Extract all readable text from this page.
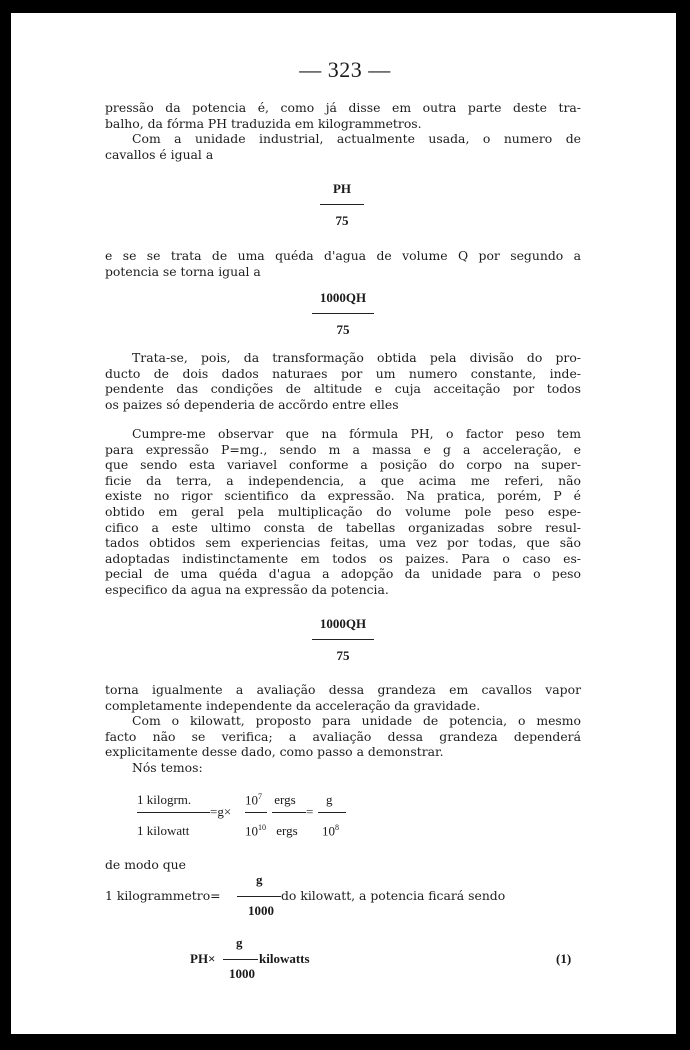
— 323 —
pressão da potencia é, como já disse em outra parte deste tra-
balho, da fórma PH traduzida em kilogrammetros.
Com a unidade industrial, actualmente usada, o numero de
cavallos é igual a
PH
75
e se se trata de uma quéda d'agua de volume Q por segundo a
potencia se torna igual a
1000QH
75
Trata-se, pois, da transformação obtida pela divisão do pro-
ducto de dois dados naturaes por um numero constante, inde-
pendente das condições de altitude e cuja acceitação por todos
os paizes só dependeria de accõrdo entre elles
Cumpre-me observar que na fórmula PH, o factor peso tem
para expressão P=mg., sendo m a massa e g a acceleração, e
que sendo esta variavel conforme a posição do corpo na super-
ficie da terra, a independencia, a que acima me referi, não
existe no rigor scientifico da expressão. Na pratica, porém, P é
obtido em geral pela multiplicação do volume pole peso espe-
cifico a este ultimo consta de tabellas organizadas sobre resul-
tados obtidos sem experiencias feitas, uma vez por todas, que são
adoptadas indistinctamente em todos os paizes. Para o caso es-
pecial de uma quéda d'agua a adopção da unidade para o peso
especifico da agua na expressão da potencia.
1000QH
75
torna igualmente a avaliação dessa grandeza em cavallos vapor
completamente independente da acceleração da gravidade.
Com o kilowatt, proposto para unidade de potencia, o mesmo
facto não se verifica; a avaliação dessa grandeza dependerá
explicitamente desse dado, como passo a demonstrar.
Nós temos:
1 kilogrm.
1 kilowatt
=g×
$10^7$ ergs
$10^{10}$ ergs
=
g
$10^8$
de modo que
g
1 kilogrammetro=
1000
do kilowatt, a potencia ficará sendo
g
PH×
1000
kilowatts	(1)
